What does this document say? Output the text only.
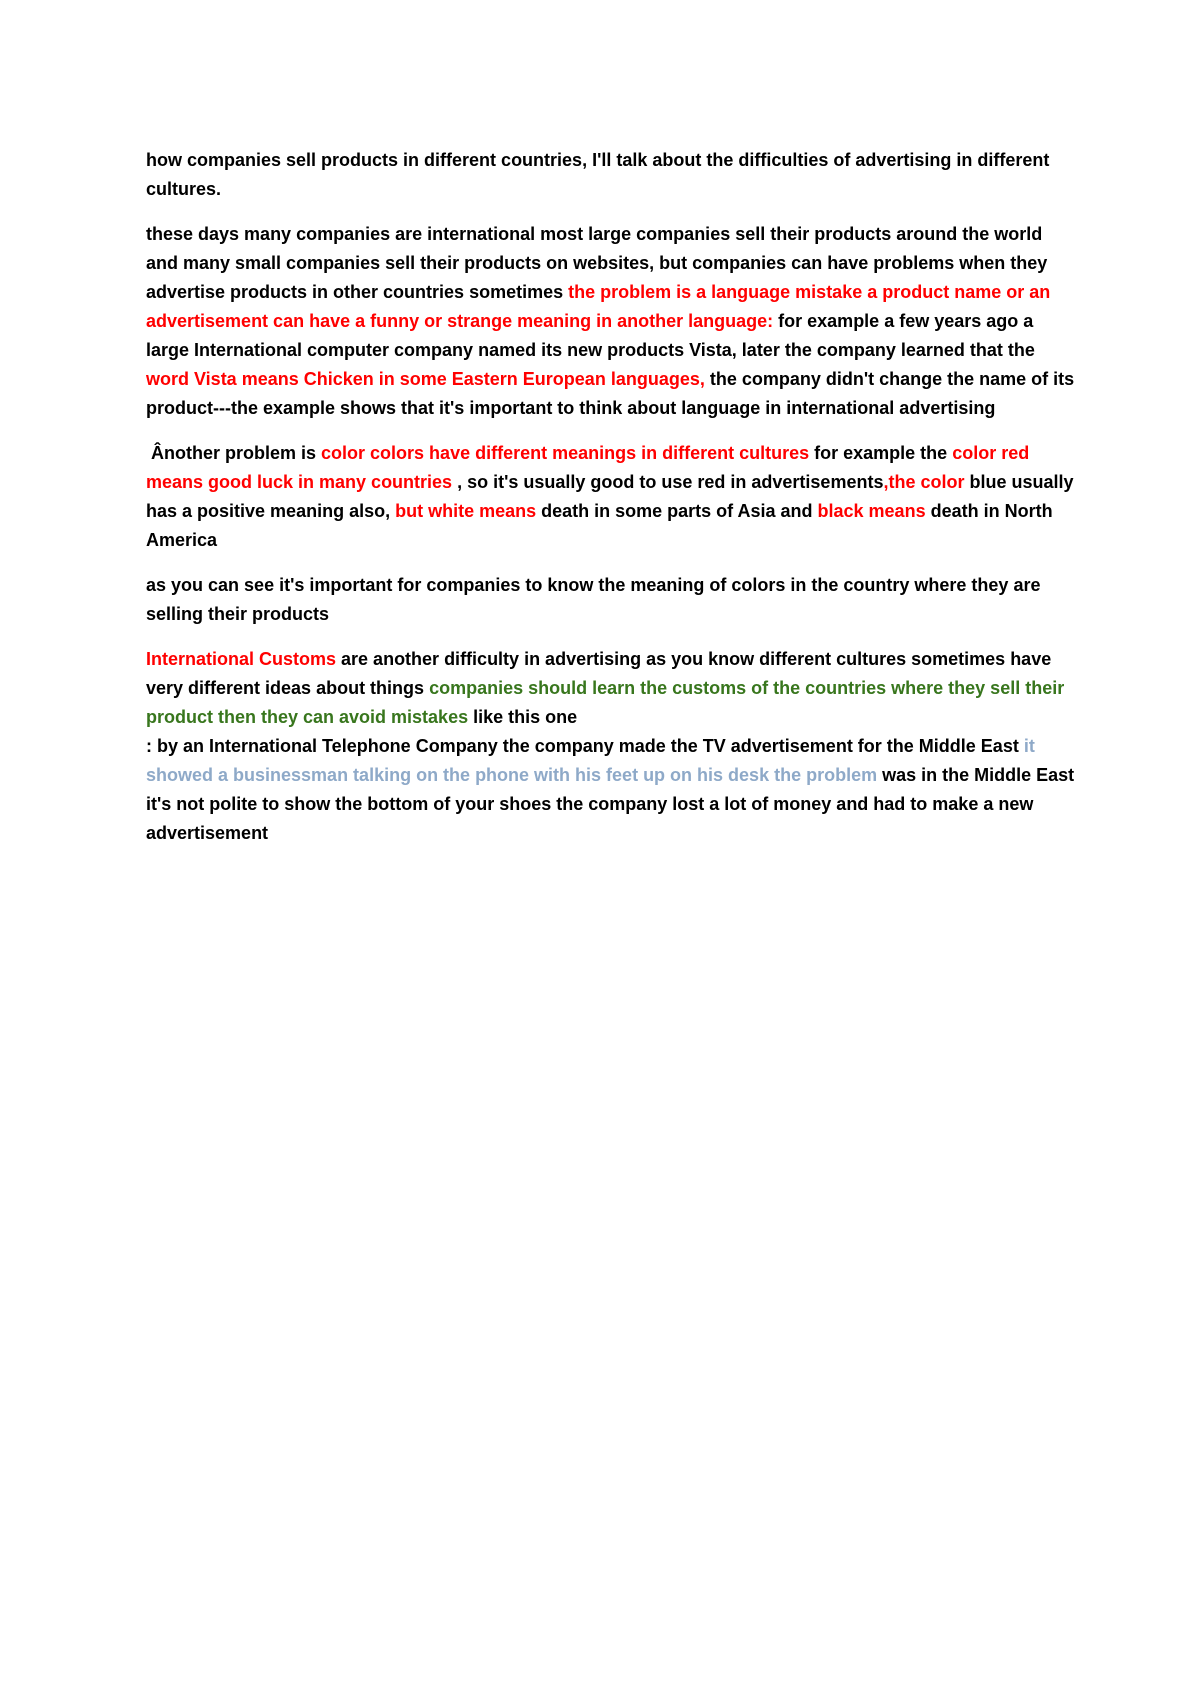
how companies sell products in different countries, I'll talk about the difficulties of advertising in different cultures.

these days many companies are international most large companies sell their products around the world and many small companies sell their products on websites, but companies can have problems when they advertise products in other countries sometimes the problem is a language mistake a product name or an advertisement can have a funny or strange meaning in another language: for example a few years ago a large International computer company named its new products Vista, later the company learned that the word Vista means Chicken in some Eastern European languages, the company didn't change the name of its product---the example shows that it's important to think about language in international advertising

Ânother problem is color colors have different meanings in different cultures for example the color red means good luck in many countries , so it's usually good to use red in advertisements,the color blue usually has a positive meaning also, but white means death in some parts of Asia and black means death in North America

as you can see it's important for companies to know the meaning of colors in the country where they are selling their products

International Customs are another difficulty in advertising as you know different cultures sometimes have very different ideas about things companies should learn the customs of the countries where they sell their product then they can avoid mistakes like this one

: by an International Telephone Company the company made the TV advertisement for the Middle East it showed a businessman talking on the phone with his feet up on his desk the problem was in the Middle East it's not polite to show the bottom of your shoes the company lost a lot of money and had to make a new advertisement
